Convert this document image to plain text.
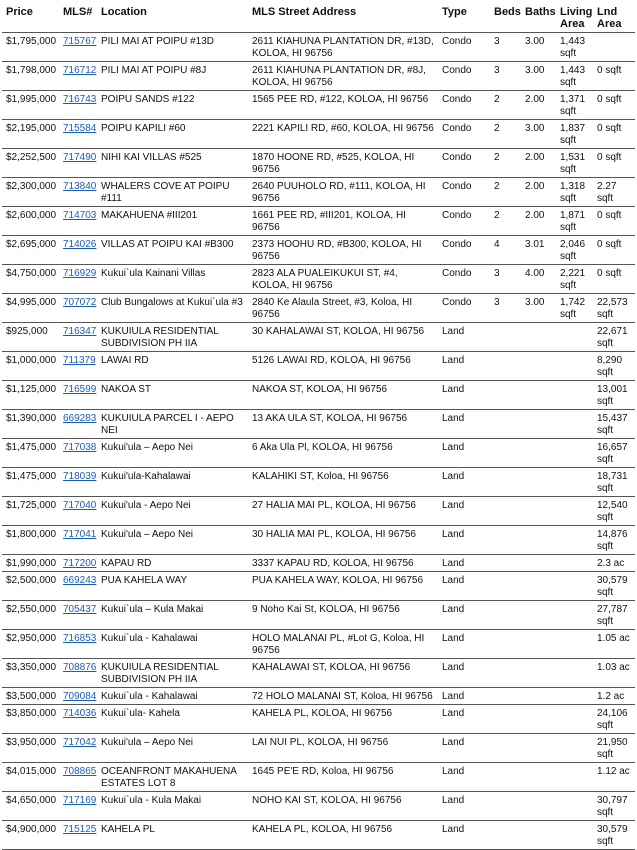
Price	MLS#	Location	MLS Street Address	Type	Beds	Baths	Living Area	Lnd Area
$1,795,000	715767	PILI MAI AT POIPU #13D	2611 KIAHUNA PLANTATION DR, #13D, KOLOA, HI 96756	Condo	3	3.00	1,443 sqft	
$1,798,000	716712	PILI MAI AT POIPU #8J	2611 KIAHUNA PLANTATION DR, #8J, KOLOA, HI 96756	Condo	3	3.00	1,443 sqft	0 sqft
$1,995,000	716743	POIPU SANDS #122	1565 PEE RD, #122, KOLOA, HI 96756	Condo	2	2.00	1,371 sqft	0 sqft
$2,195,000	715584	POIPU KAPILI #60	2221 KAPILI RD, #60, KOLOA, HI 96756	Condo	2	3.00	1,837 sqft	0 sqft
$2,252,500	717490	NIHI KAI VILLAS #525	1870 HOONE RD, #525, KOLOA, HI 96756	Condo	2	2.00	1,531 sqft	0 sqft
$2,300,000	713840	WHALERS COVE AT POIPU #111	2640 PUUHOLO RD, #111, KOLOA, HI 96756	Condo	2	2.00	1,318 sqft	2.27 sqft
$2,600,000	714703	MAKAHUENA #III201	1661 PEE RD, #III201, KOLOA, HI 96756	Condo	2	2.00	1,871 sqft	0 sqft
$2,695,000	714026	VILLAS AT POIPU KAI #B300	2373 HOOHU RD, #B300, KOLOA, HI 96756	Condo	4	3.01	2,046 sqft	0 sqft
$4,750,000	716929	Kukui`ula Kainani Villas	2823 ALA PUALEIKUKUI ST, #4, KOLOA, HI 96756	Condo	3	4.00	2,221 sqft	0 sqft
$4,995,000	707072	Club Bungalows at Kukui`ula #3	2840 Ke Alaula Street, #3, Koloa, HI 96756	Condo	3	3.00	1,742 sqft	22,573 sqft
$925,000	716347	KUKUIULA RESIDENTIAL SUBDIVISION PH IIA	30 KAHALAWAI ST, KOLOA, HI 96756	Land				22,671 sqft
$1,000,000	711379	LAWAI RD	5126 LAWAI RD, KOLOA, HI 96756	Land				8,290 sqft
$1,125,000	716599	NAKOA ST	NAKOA ST, KOLOA, HI 96756	Land				13,001 sqft
$1,390,000	669283	KUKUIULA PARCEL I - AEPO NEI	13 AKA ULA ST, KOLOA, HI 96756	Land				15,437 sqft
$1,475,000	717038	Kukui'ula – Aepo Nei	6 Aka Ula Pl, KOLOA, HI 96756	Land				16,657 sqft
$1,475,000	718039	Kukui'ula-Kahalawai	KALAHIKI ST, Koloa, HI 96756	Land				18,731 sqft
$1,725,000	717040	Kukui'ula - Aepo Nei	27 HALIA MAI PL, KOLOA, HI 96756	Land				12,540 sqft
$1,800,000	717041	Kukui'ula – Aepo Nei	30 HALIA MAI PL, KOLOA, HI 96756	Land				14,876 sqft
$1,990,000	717200	KAPAU RD	3337 KAPAU RD, KOLOA, HI 96756	Land				2.3 ac
$2,500,000	669243	PUA KAHELA WAY	PUA KAHELA WAY, KOLOA, HI 96756	Land				30,579 sqft
$2,550,000	705437	Kukui`ula – Kula Makai	9 Noho Kai St, KOLOA, HI 96756	Land				27,787 sqft
$2,950,000	716853	Kukui`ula - Kahalawai	HOLO MALANAI PL, #Lot G, Koloa, HI 96756	Land				1.05 ac
$3,350,000	708876	KUKUIULA RESIDENTIAL SUBDIVISION PH IIA	KAHALAWAI ST, KOLOA, HI 96756	Land				1.03 ac
$3,500,000	709084	Kukui`ula - Kahalawai	72 HOLO MALANAI ST, Koloa, HI 96756	Land				1.2 ac
$3,850,000	714036	Kukui`ula- Kahela	KAHELA PL, KOLOA, HI 96756	Land				24,106 sqft
$3,950,000	717042	Kukui'ula – Aepo Nei	LAI NUI PL, KOLOA, HI 96756	Land				21,950 sqft
$4,015,000	708865	OCEANFRONT MAKAHUENA ESTATES LOT 8	1645 PE'E RD, Koloa, HI 96756	Land				1.12 ac
$4,650,000	717169	Kukui`ula - Kula Makai	NOHO KAI ST, KOLOA, HI 96756	Land				30,797 sqft
$4,900,000	715125	KAHELA PL	KAHELA PL, KOLOA, HI 96756	Land				30,579 sqft
